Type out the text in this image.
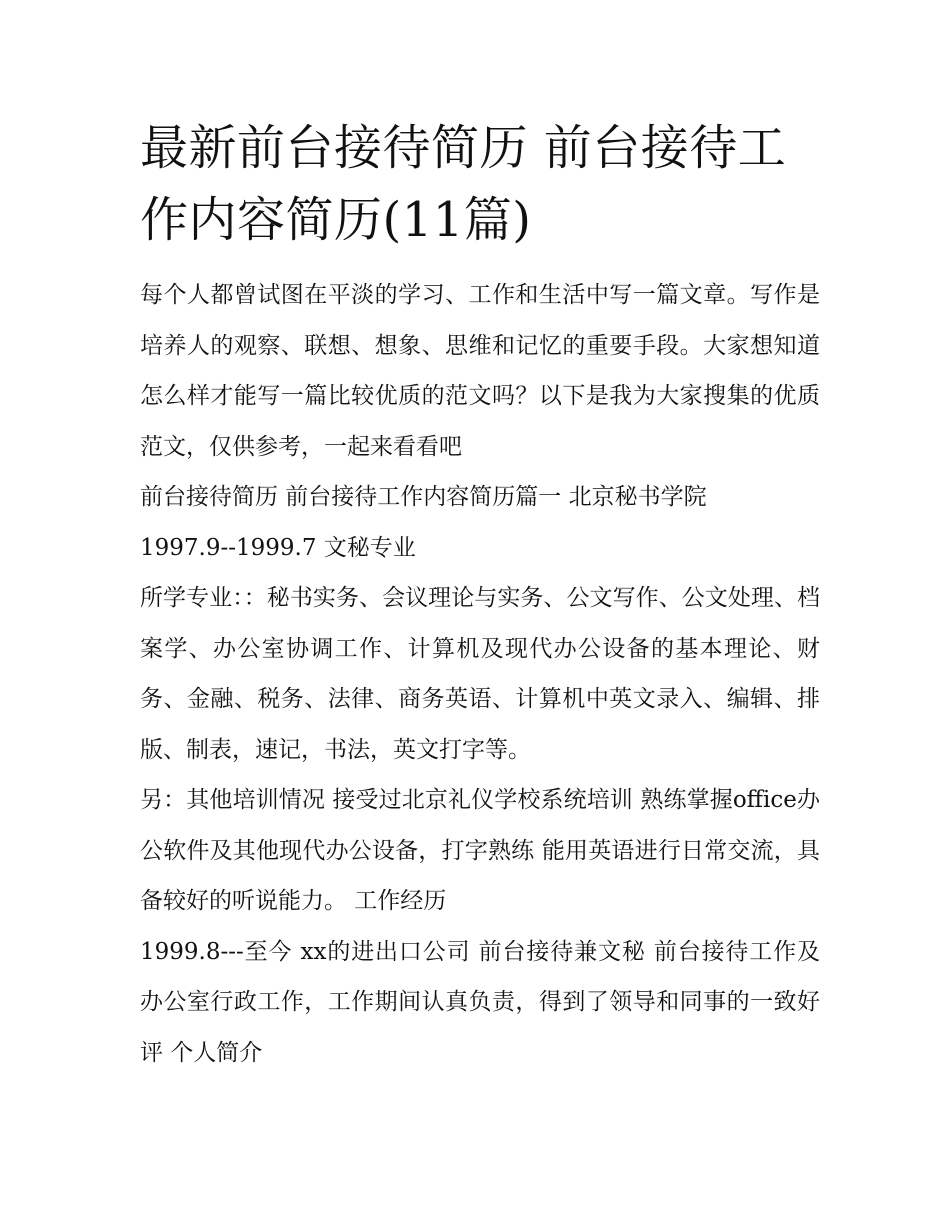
最新前台接待简历 前台接待工
作内容简历(11篇)

每个人都曾试图在平淡的学习、工作和生活中写一篇文章。写作是培养人的观察、联想、想象、思维和记忆的重要手段。大家想知道怎么样才能写一篇比较优质的范文吗？以下是我为大家搜集的优质范文，仅供参考，一起来看看吧

前台接待简历 前台接待工作内容简历篇一 北京秘书学院

1997.9--1999.7 文秘专业

所学专业：：秘书实务、会议理论与实务、公文写作、公文处理、档案学、办公室协调工作、计算机及现代办公设备的基本理论、财务、金融、税务、法律、商务英语、计算机中英文录入、编辑、排版、制表，速记，书法，英文打字等。

另：其他培训情况 接受过北京礼仪学校系统培训 熟练掌握office办公软件及其他现代办公设备，打字熟练 能用英语进行日常交流，具备较好的听说能力。 工作经历

1999.8---至今 xx的进出口公司 前台接待兼文秘 前台接待工作及办公室行政工作，工作期间认真负责，得到了领导和同事的一致好评 个人简介
